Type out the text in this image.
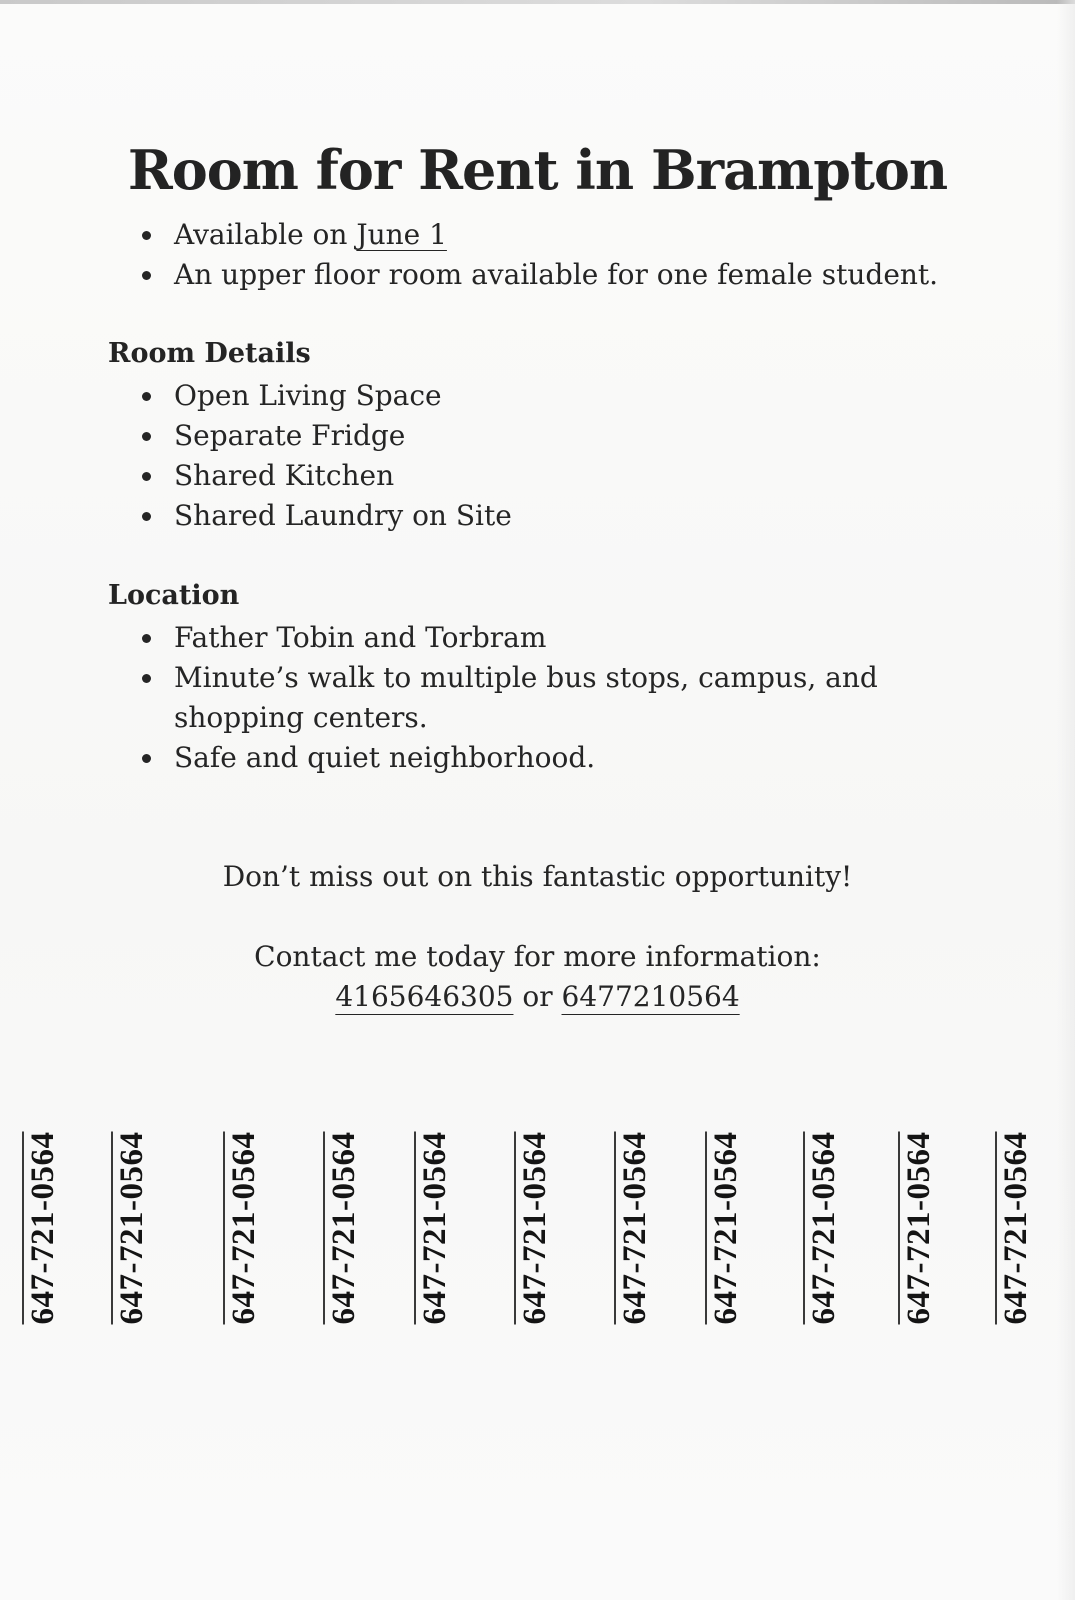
Room for Rent in Brampton
Available on June 1
An upper floor room available for one female student.
Room Details
Open Living Space
Separate Fridge
Shared Kitchen
Shared Laundry on Site
Location
Father Tobin and Torbram
Minute’s walk to multiple bus stops, campus, and shopping centers.
Safe and quiet neighborhood.

Don’t miss out on this fantastic opportunity!

Contact me today for more information:

4165646305 or 6477210564

647-721-0564 647-721-0564 647-721-0564 647-721-0564 647-721-0564 647-721-0564 647-721-0564 647-721-0564 647-721-0564 647-721-0564 647-721-0564
